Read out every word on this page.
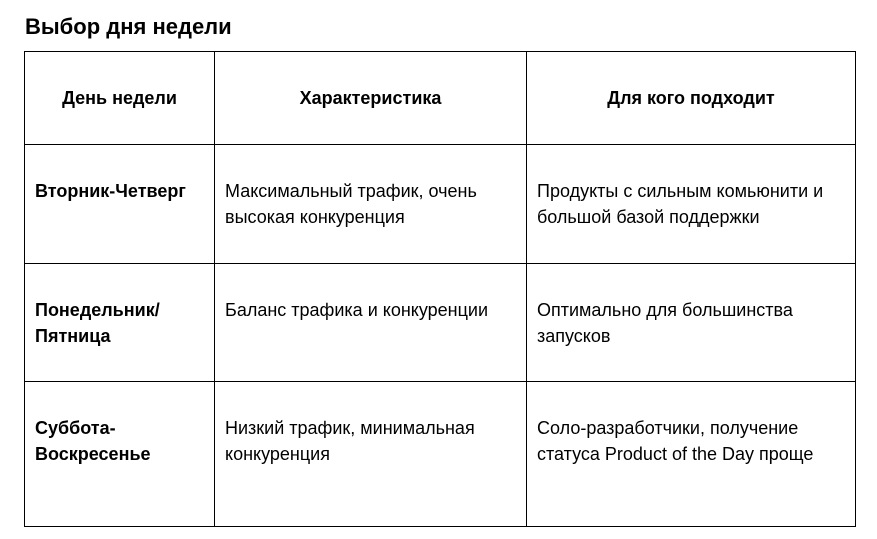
Выбор дня недели
День недели	Характеристика	Для кого подходит
Вторник-Четверг	Максимальный трафик, очень высокая конкуренция	Продукты с сильным комьюнити и большой базой поддержки
Понедельник/Пятница	Баланс трафика и конкуренции	Оптимально для большинства запусков
Суббота-Воскресенье	Низкий трафик, минимальная конкуренция	Соло-разработчики, получение статуса Product of the Day проще
